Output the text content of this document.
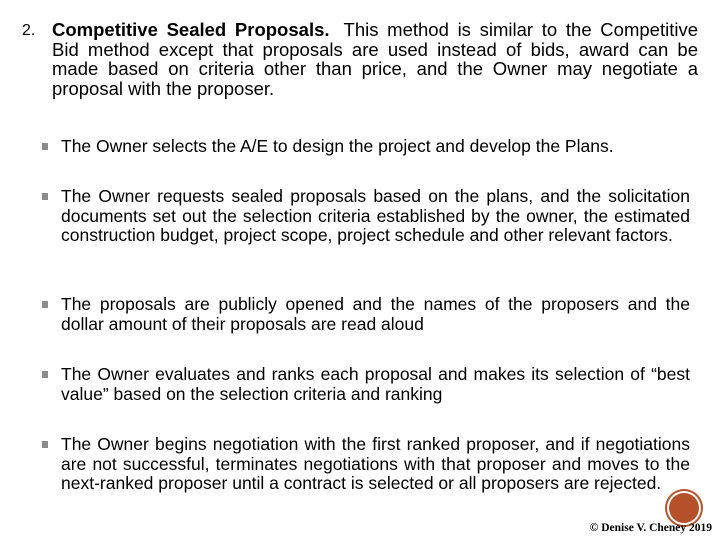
2. Competitive Sealed Proposals. This method is similar to the Competitive Bid method except that proposals are used instead of bids, award can be made based on criteria other than price, and the Owner may negotiate a proposal with the proposer.
The Owner selects the A/E to design the project and develop the Plans.
The Owner requests sealed proposals based on the plans, and the solicitation documents set out the selection criteria established by the owner, the estimated construction budget, project scope, project schedule and other relevant factors.
The proposals are publicly opened and the names of the proposers and the dollar amount of their proposals are read aloud
The Owner evaluates and ranks each proposal and makes its selection of “best value” based on the selection criteria and ranking
The Owner begins negotiation with the first ranked proposer, and if negotiations are not successful, terminates negotiations with that proposer and moves to the next-ranked proposer until a contract is selected or all proposers are rejected.
© Denise V. Cheney 2019
